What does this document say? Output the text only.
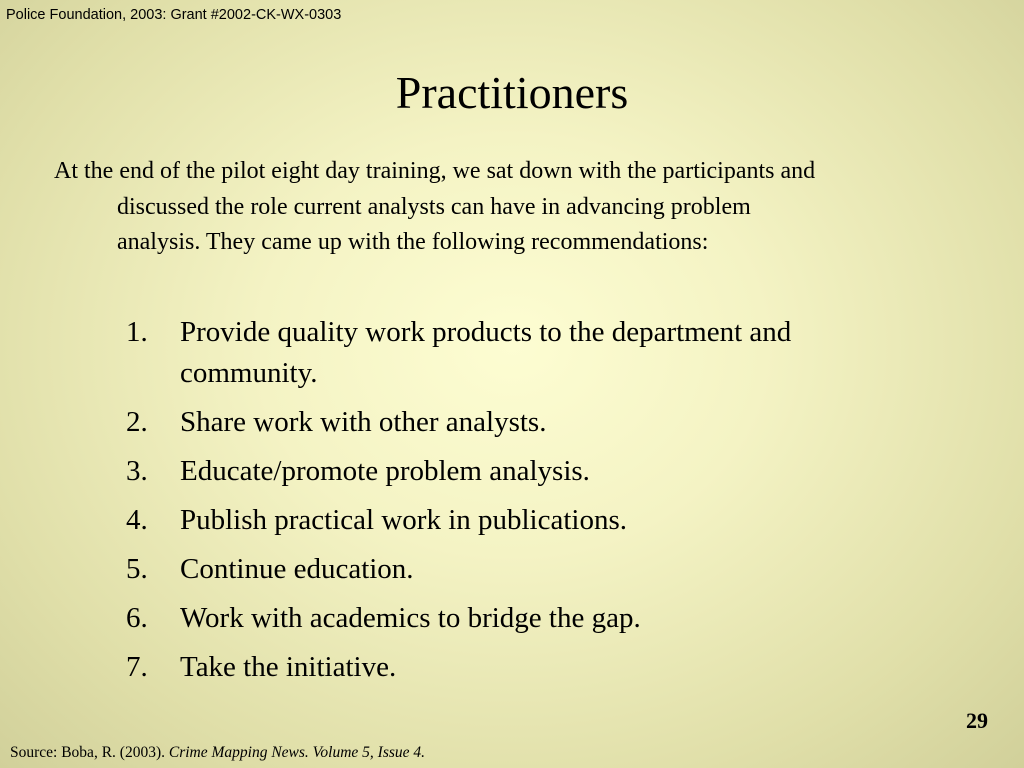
Police Foundation, 2003: Grant #2002-CK-WX-0303
Practitioners

At the end of the pilot eight day training, we sat down with the participants and
discussed the role current analysts can have in advancing problem
analysis. They came up with the following recommendations:

1.	Provide quality work products to the department and
community.
2.	Share work with other analysts.
3.	Educate/promote problem analysis.
4.	Publish practical work in publications.
5.	Continue education.
6.	Work with academics to bridge the gap.
7.	Take the initiative.
29
Source: Boba, R. (2003). Crime Mapping News. Volume 5, Issue 4.
